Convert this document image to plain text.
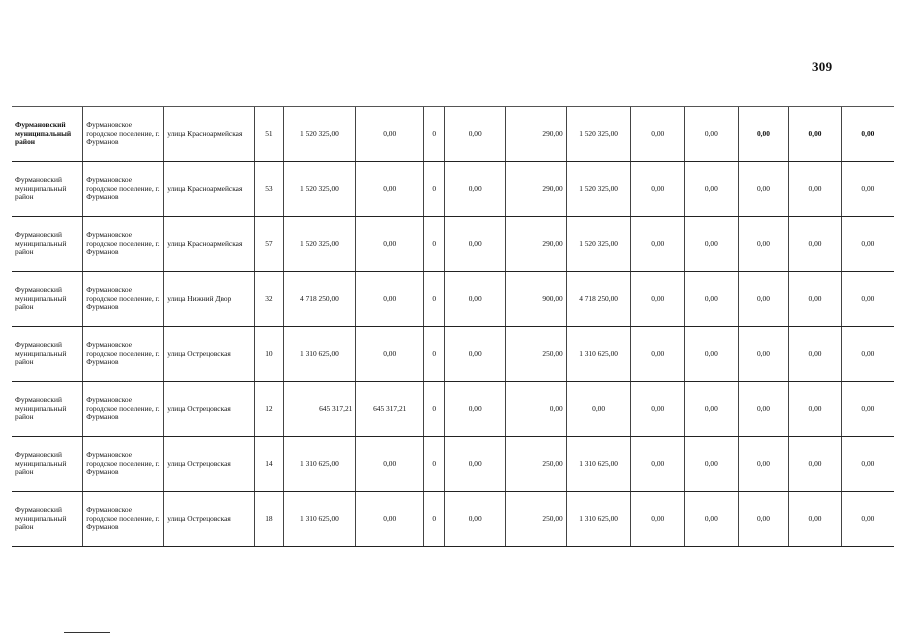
309
Фурмановский муниципальный район	Фурмановское городское поселение, г. Фурманов	улица Красноармейская	51	1 520 325,00	0,00	0	0,00	290,00	1 520 325,00	0,00	0,00	0,00	0,00	0,00
Фурмановский муниципальный район	Фурмановское городское поселение, г. Фурманов	улица Красноармейская	53	1 520 325,00	0,00	0	0,00	290,00	1 520 325,00	0,00	0,00	0,00	0,00	0,00
Фурмановский муниципальный район	Фурмановское городское поселение, г. Фурманов	улица Красноармейская	57	1 520 325,00	0,00	0	0,00	290,00	1 520 325,00	0,00	0,00	0,00	0,00	0,00
Фурмановский муниципальный район	Фурмановское городское поселение, г. Фурманов	улица Нижний Двор	32	4 718 250,00	0,00	0	0,00	900,00	4 718 250,00	0,00	0,00	0,00	0,00	0,00
Фурмановский муниципальный район	Фурмановское городское поселение, г. Фурманов	улица Острецовская	10	1 310 625,00	0,00	0	0,00	250,00	1 310 625,00	0,00	0,00	0,00	0,00	0,00
Фурмановский муниципальный район	Фурмановское городское поселение, г. Фурманов	улица Острецовская	12	645 317,21	645 317,21	0	0,00	0,00	0,00	0,00	0,00	0,00	0,00	0,00
Фурмановский муниципальный район	Фурмановское городское поселение, г. Фурманов	улица Острецовская	14	1 310 625,00	0,00	0	0,00	250,00	1 310 625,00	0,00	0,00	0,00	0,00	0,00
Фурмановский муниципальный район	Фурмановское городское поселение, г. Фурманов	улица Острецовская	18	1 310 625,00	0,00	0	0,00	250,00	1 310 625,00	0,00	0,00	0,00	0,00	0,00
